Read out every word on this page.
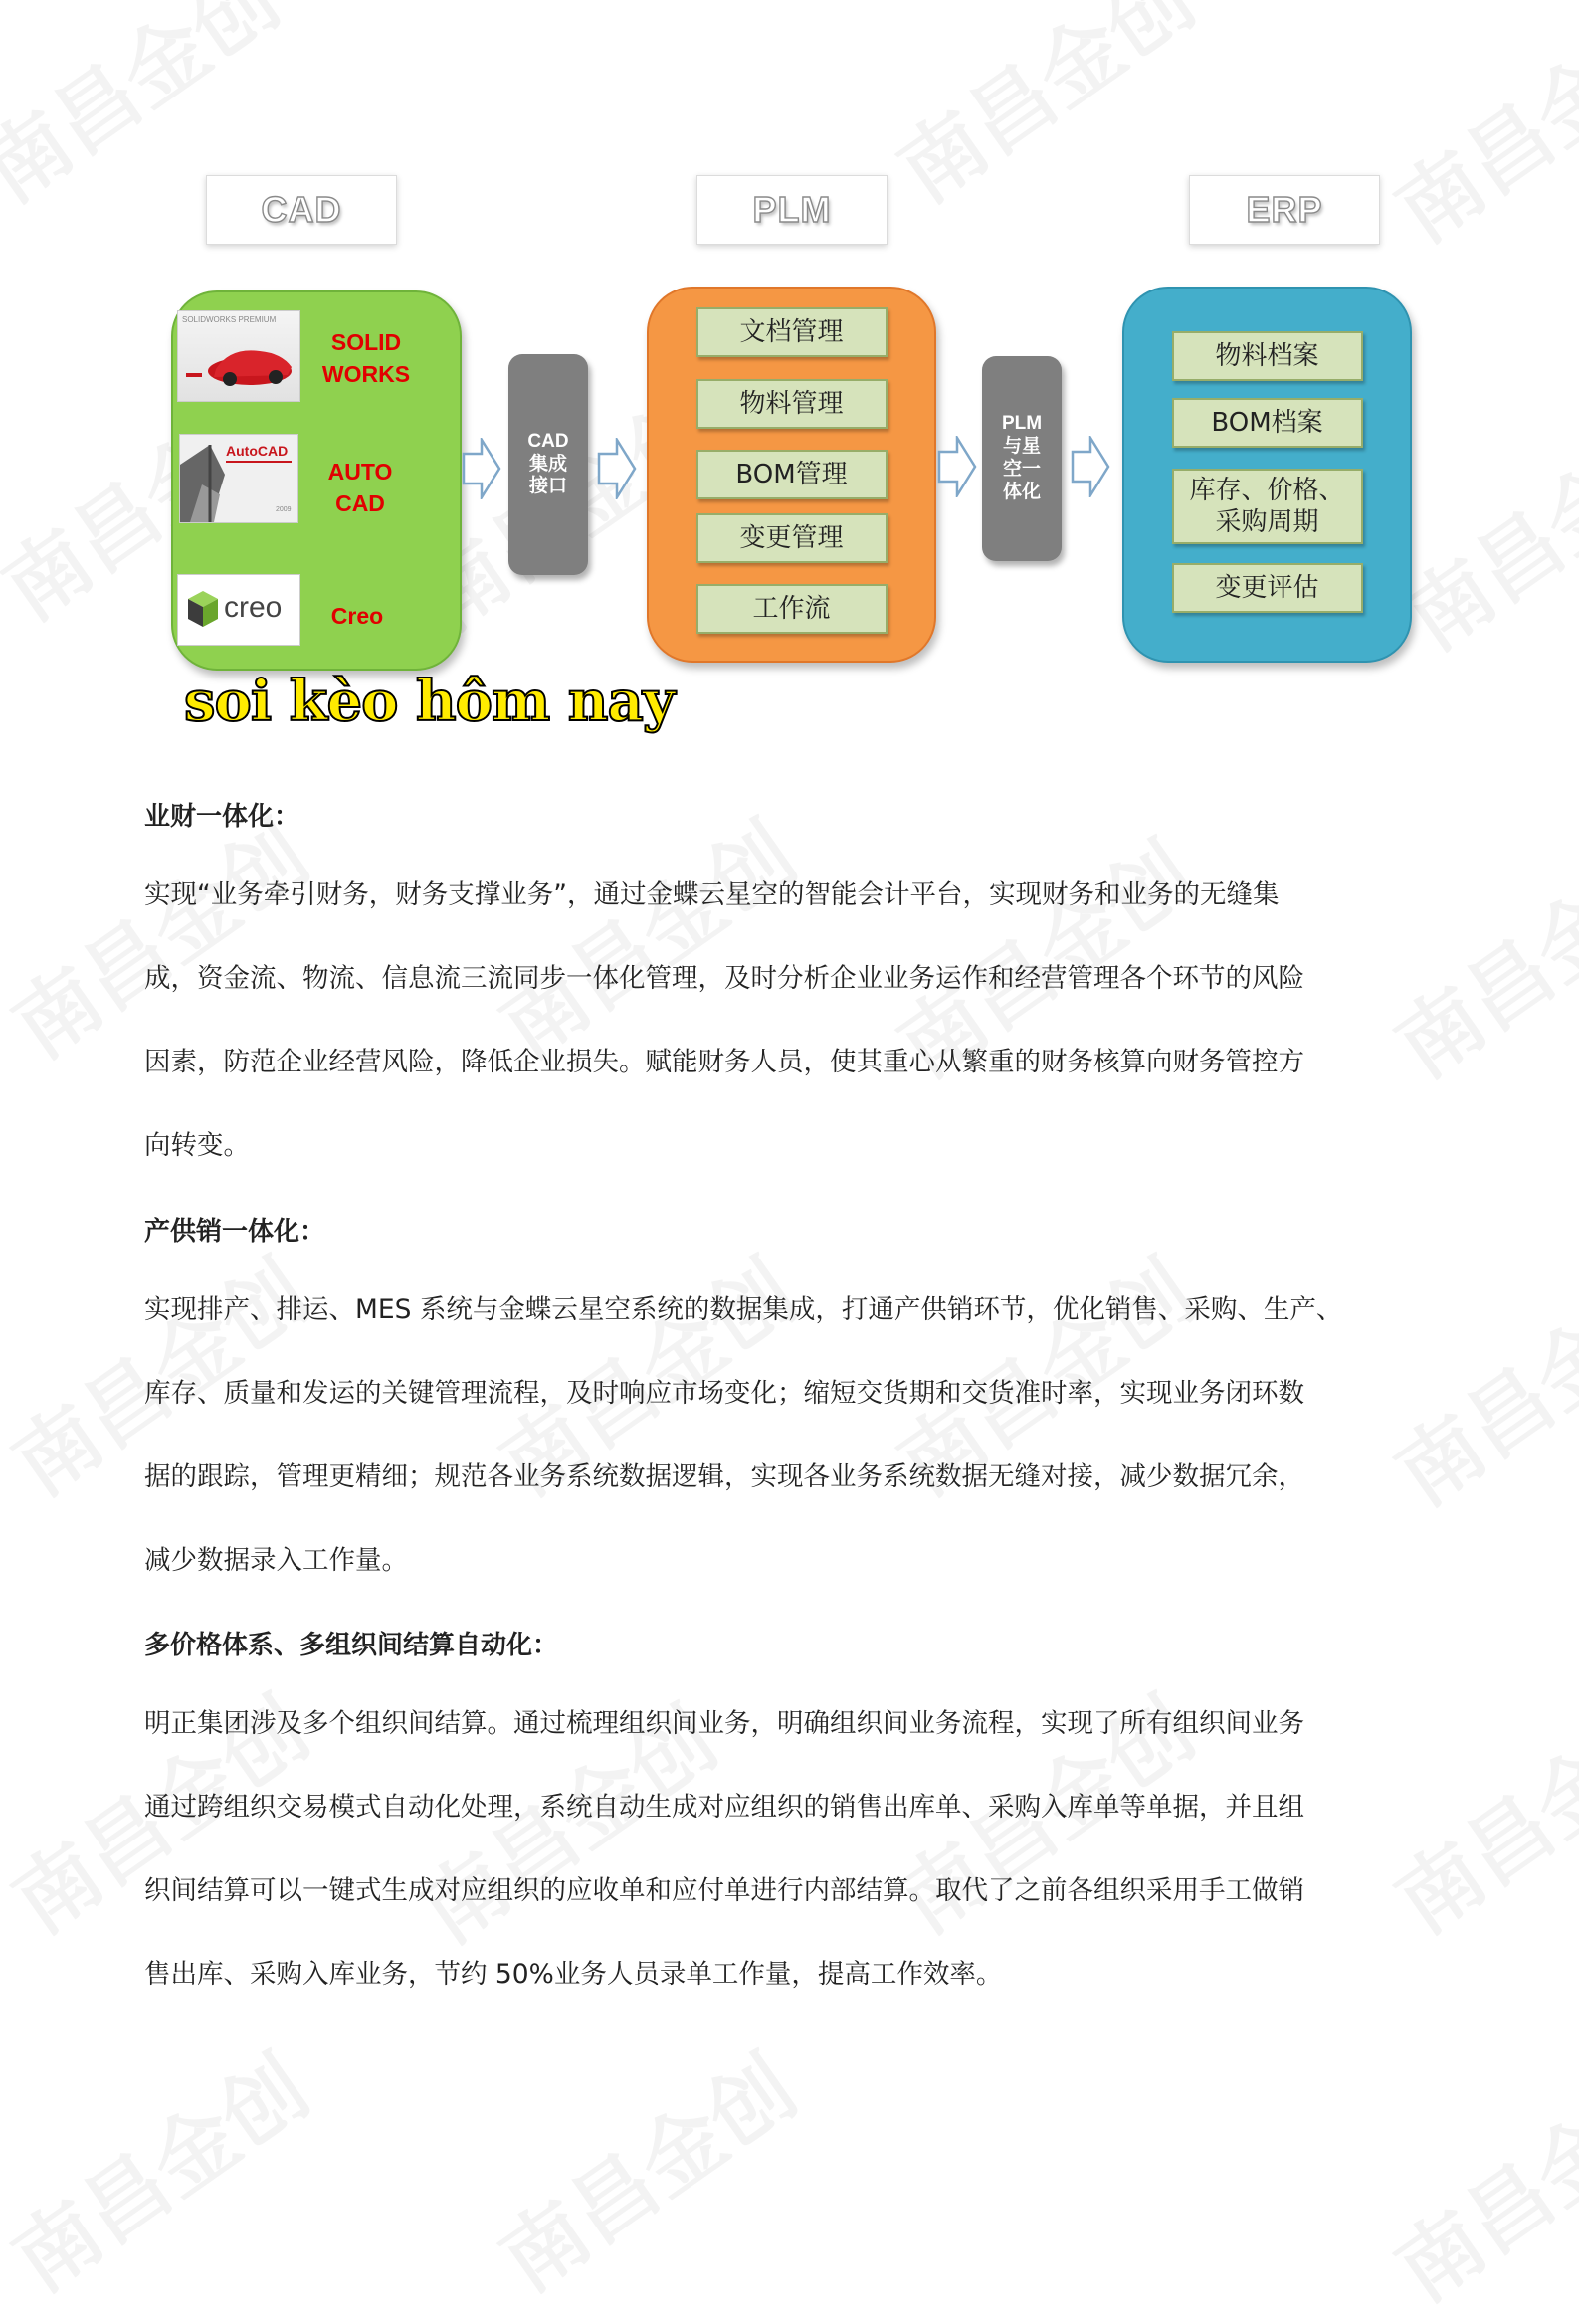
CAD	PLM	ERP
SOLIDWORKS PREMIUM
SOLID
WORKS
AutoCAD
2009
AUTO
CAD
creo	Creo
CAD
集成
接口
文档管理
物料管理
BOM管理
变更管理
工作流
PLM
与星
空一
体化
物料档案
BOM档案
库存、价格、
采购周期
变更评估
soi kèo hôm nay
业财一体化：
实现“业务牵引财务，财务支撑业务”，通过金蝶云星空的智能会计平台，实现财务和业务的无缝集
成，资金流、物流、信息流三流同步一体化管理，及时分析企业业务运作和经营管理各个环节的风险
因素，防范企业经营风险，降低企业损失。赋能财务人员，使其重心从繁重的财务核算向财务管控方
向转变。
产供销一体化：
实现排产、排运、MES 系统与金蝶云星空系统的数据集成，打通产供销环节，优化销售、采购、生产、
库存、质量和发运的关键管理流程，及时响应市场变化；缩短交货期和交货准时率，实现业务闭环数
据的跟踪，管理更精细；规范各业务系统数据逻辑，实现各业务系统数据无缝对接，减少数据冗余，
减少数据录入工作量。
多价格体系、多组织间结算自动化：
明正集团涉及多个组织间结算。通过梳理组织间业务，明确组织间业务流程，实现了所有组织间业务
通过跨组织交易模式自动化处理，系统自动生成对应组织的销售出库单、采购入库单等单据，并且组
织间结算可以一键式生成对应组织的应收单和应付单进行内部结算。取代了之前各组织采用手工做销
售出库、采购入库业务，节约 50%业务人员录单工作量，提高工作效率。
